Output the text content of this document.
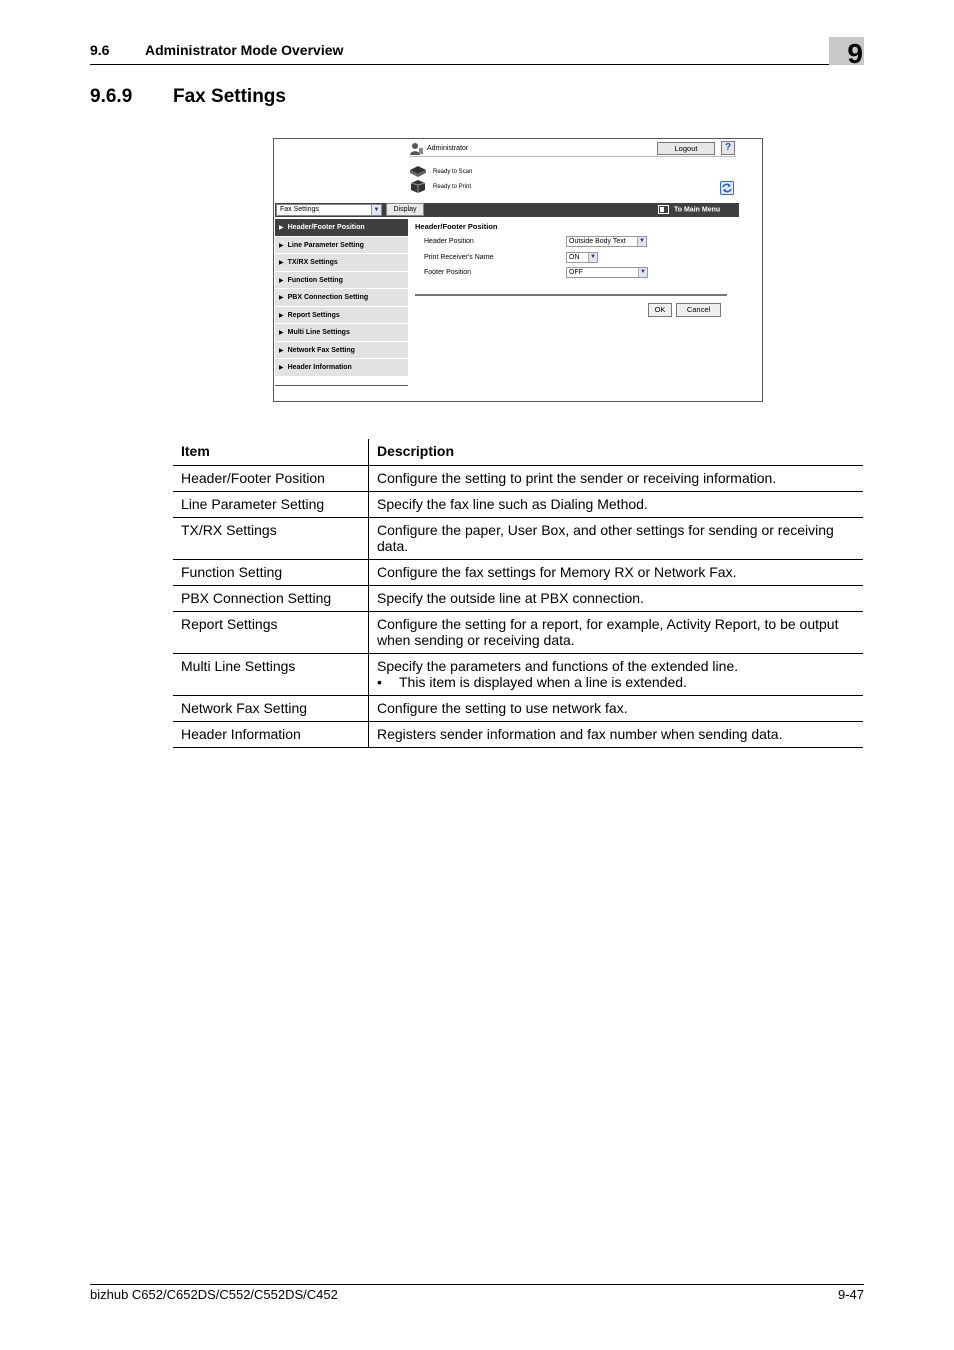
9.6	Administrator Mode Overview	9
9.6.9 Fax Settings
Administrator	Logout	?
Ready to Scan
Ready to Print
Fax Settings	▼	Display	To Main Menu
▶ Header/Footer Position
▶ Line Parameter Setting
▶ TX/RX Settings
▶ Function Setting
▶ PBX Connection Setting
▶ Report Settings
▶ Multi Line Settings
▶ Network Fax Setting
▶ Header Information
Header/Footer Position
Header Position	Outside Body Text	▼
Print Receiver's Name	ON	▼
Footer Position	OFF	▼
OK	Cancel
Item	Description
Header/Footer Position	Configure the setting to print the sender or receiving information.
Line Parameter Setting	Specify the fax line such as Dialing Method.
TX/RX Settings	Configure the paper, User Box, and other settings for sending or receiving data.
Function Setting	Configure the fax settings for Memory RX or Network Fax.
PBX Connection Setting	Specify the outside line at PBX connection.
Report Settings	Configure the setting for a report, for example, Activity Report, to be output when sending or receiving data.
Multi Line Settings	Specify the parameters and functions of the extended line.
• This item is displayed when a line is extended.

Network Fax Setting	Configure the setting to use network fax.
Header Information	Registers sender information and fax number when sending data.
bizhub C652/C652DS/C552/C552DS/C452	9-47
